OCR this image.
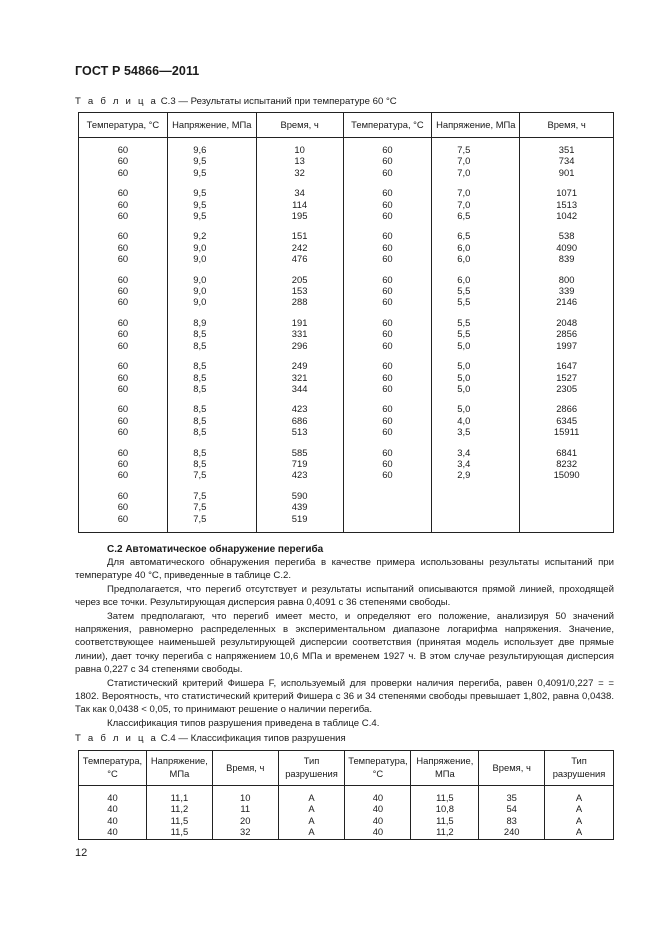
ГОСТ Р 54866—2011
Т а б л и ц а С.3 — Результаты испытаний при температуре 60 °С
Температура, °С	Напряжение, МПа	Время, ч	Температура, °С	Напряжение, МПа	Время, ч
60	9,6	10	60	7,5	351
60	9,5	13	60	7,0	734
60	9,5	32	60	7,0	901
60	9,5	34	60	7,0	1071
60	9,5	114	60	7,0	1513
60	9,5	195	60	6,5	1042
60	9,2	151	60	6,5	538
60	9,0	242	60	6,0	4090
60	9,0	476	60	6,0	839
60	9,0	205	60	6,0	800
60	9,0	153	60	5,5	339
60	9,0	288	60	5,5	2146
60	8,9	191	60	5,5	2048
60	8,5	331	60	5,5	2856
60	8,5	296	60	5,0	1997
60	8,5	249	60	5,0	1647
60	8,5	321	60	5,0	1527
60	8,5	344	60	5,0	2305
60	8,5	423	60	5,0	2866
60	8,5	686	60	4,0	6345
60	8,5	513	60	3,5	15911
60	8,5	585	60	3,4	6841
60	8,5	719	60	3,4	8232
60	7,5	423	60	2,9	15090
60	7,5	590			
60	7,5	439			
60	7,5	519			
С.2 Автоматическое обнаружение перегиба
Для автоматического обнаружения перегиба в качестве примера использованы результаты испытаний при температуре 40 °С, приведенные в таблице С.2.
Предполагается, что перегиб отсутствует и результаты испытаний описываются прямой линией, проходящей через все точки. Результирующая дисперсия равна 0,4091 с 36 степенями свободы.
Затем предполагают, что перегиб имеет место, и определяют его положение, анализируя 50 значений напряжения, равномерно распределенных в экспериментальном диапазоне логарифма напряжения. Значение, соответствующее наименьшей результирующей дисперсии соответствия (принятая модель использует две прямые линии), дает точку перегиба с напряжением 10,6 МПа и временем 1927 ч. В этом случае результирующая дисперсия равна 0,227 с 34 степенями свободы.
Статистический критерий Фишера F, используемый для проверки наличия перегиба, равен 0,4091/0,227 = = 1802. Вероятность, что статистический критерий Фишера с 36 и 34 степенями свободы превышает 1,802, равна 0,0438. Так как 0,0438 < 0,05, то принимают решение о наличии перегиба.
Классификация типов разрушения приведена в таблице С.4.
Т а б л и ц а С.4 — Классификация типов разрушения
Температура, °С	Напряжение, МПа	Время, ч	Тип разрушения	Температура, °С	Напряжение, МПа	Время, ч	Тип разрушения
40	11,1	10	А	40	11,5	35	А
40	11,2	11	А	40	10,8	54	А
40	11,5	20	А	40	11,5	83	А
40	11,5	32	А	40	11,2	240	А
12
